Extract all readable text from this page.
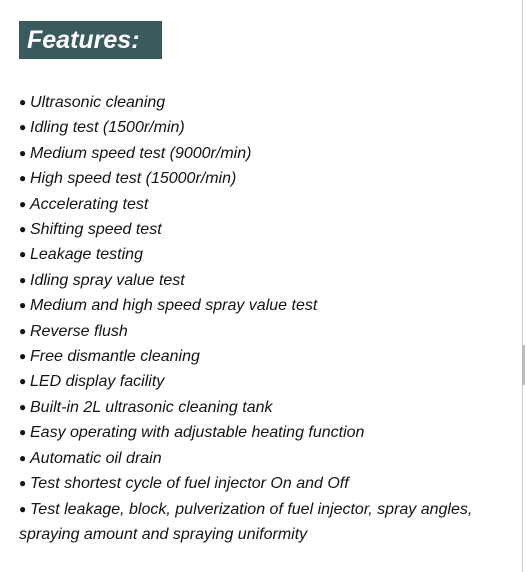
Features:
● Ultrasonic cleaning
● Idling test (1500r/min)
● Medium speed test (9000r/min)
● High speed test (15000r/min)
● Accelerating test
● Shifting speed test
● Leakage testing
● Idling spray value test
● Medium and high speed spray value test
● Reverse flush
● Free dismantle cleaning
● LED display facility
● Built-in 2L ultrasonic cleaning tank
● Easy operating with adjustable heating function
● Automatic oil drain
● Test shortest cycle of fuel injector On and Off
● Test leakage, block, pulverization of fuel injector, spray angles, spraying amount and spraying uniformity
